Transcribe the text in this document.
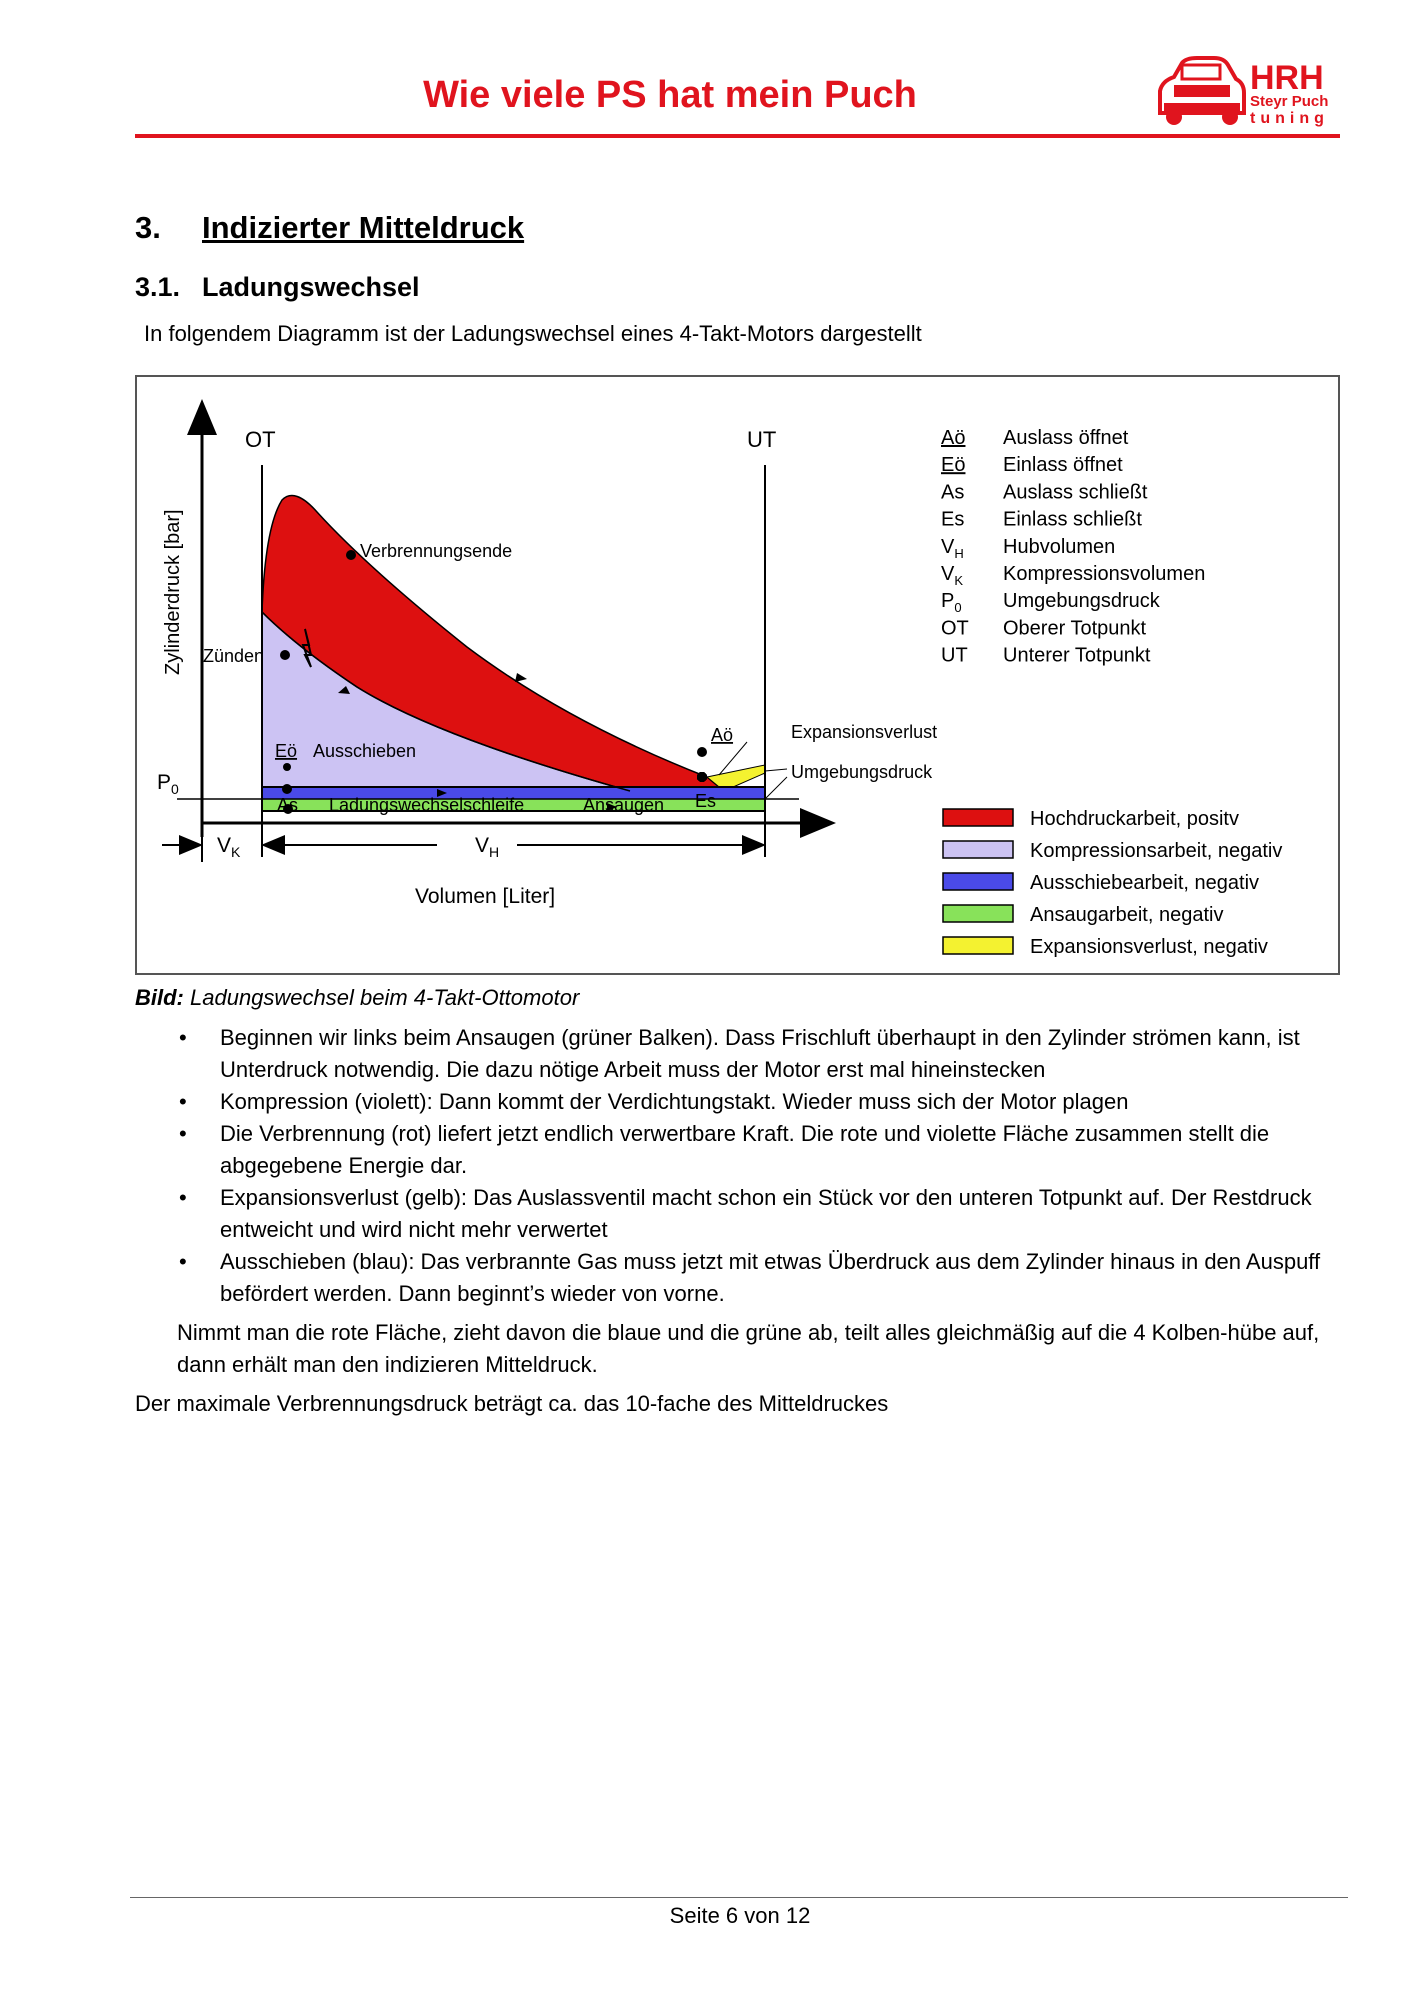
Wie viele PS hat mein Puch	HRH
Steyr Puch
tuning
3. Indizierter Mitteldruck
3.1. Ladungswechsel
In folgendem Diagramm ist der Ladungswechsel eines 4-Takt-Motors dargestellt
Zylinderdruck [bar]
Volumen [Liter]
OT	UT
$P_0$
$V_K$	$V_H$
Verbrennungsende
Zünden
Eö Ausschieben
Aö
As Ladungswechselschleife	Ansaugen Es
Expansionsverlust
Umgebungsdruck
Aö Auslass öffnet
Eö Einlass öffnet
As Auslass schließt
Es Einlass schließt
$V_H$ Hubvolumen
$V_K$ Kompressionsvolumen
$P_0$ Umgebungsdruck
OT Oberer Totpunkt
UT Unterer Totpunkt
Hochdruckarbeit, positv
Kompressionsarbeit, negativ
Ausschiebearbeit, negativ
Ansaugarbeit, negativ
Expansionsverlust, negativ
Bild: Ladungswechsel beim 4-Takt-Ottomotor
• Beginnen wir links beim Ansaugen (grüner Balken). Dass Frischluft überhaupt in den Zylinder strömen kann, ist Unterdruck notwendig. Die dazu nötige Arbeit muss der Motor erst mal hineinstecken
• Kompression (violett): Dann kommt der Verdichtungstakt. Wieder muss sich der Motor plagen
• Die Verbrennung (rot) liefert jetzt endlich verwertbare Kraft. Die rote und violette Fläche zusammen stellt die abgegebene Energie dar.
• Expansionsverlust (gelb): Das Auslassventil macht schon ein Stück vor den unteren Totpunkt auf. Der Restdruck entweicht und wird nicht mehr verwertet
• Ausschieben (blau): Das verbrannte Gas muss jetzt mit etwas Überdruck aus dem Zylinder hinaus in den Auspuff befördert werden. Dann beginnt’s wieder von vorne.
Nimmt man die rote Fläche, zieht davon die blaue und die grüne ab, teilt alles gleichmäßig auf die 4 Kolben-hübe auf, dann erhält man den indizieren Mitteldruck.
Der maximale Verbrennungsdruck beträgt ca. das 10-fache des Mitteldruckes
Seite 6 von 12
